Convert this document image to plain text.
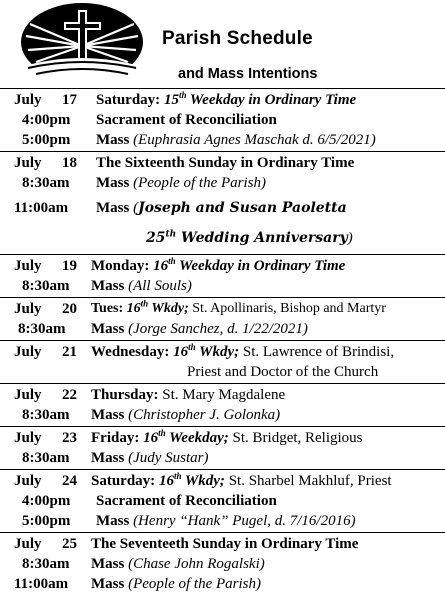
Parish Schedule
and Mass Intentions
July 17 Saturday: 15th Weekday in Ordinary Time
4:00pm Sacrament of Reconciliation
5:00pm Mass (Euphrasia Agnes Maschak d. 6/5/2021)
July 18 The Sixteenth Sunday in Ordinary Time
8:30am Mass (People of the Parish)
11:00am Mass (Joseph and Susan Paoletta
25th Wedding Anniversary)
July 19 Monday: 16th Weekday in Ordinary Time
8:30am Mass (All Souls)
July 20 Tues: 16th Wkdy; St. Apollinaris, Bishop and Martyr
8:30am Mass (Jorge Sanchez, d. 1/22/2021)
July 21 Wednesday: 16th Wkdy; St. Lawrence of Brindisi,
Priest and Doctor of the Church
July 22 Thursday: St. Mary Magdalene
8:30am Mass (Christopher J. Golonka)
July 23 Friday: 16th Weekday; St. Bridget, Religious
8:30am Mass (Judy Sustar)
July 24 Saturday: 16th Wkdy; St. Sharbel Makhluf, Priest
4:00pm Sacrament of Reconciliation
5:00pm Mass (Henry “Hank” Pugel, d. 7/16/2016)
July 25 The Seventeeth Sunday in Ordinary Time
8:30am Mass (Chase John Rogalski)
11:00am Mass (People of the Parish)
